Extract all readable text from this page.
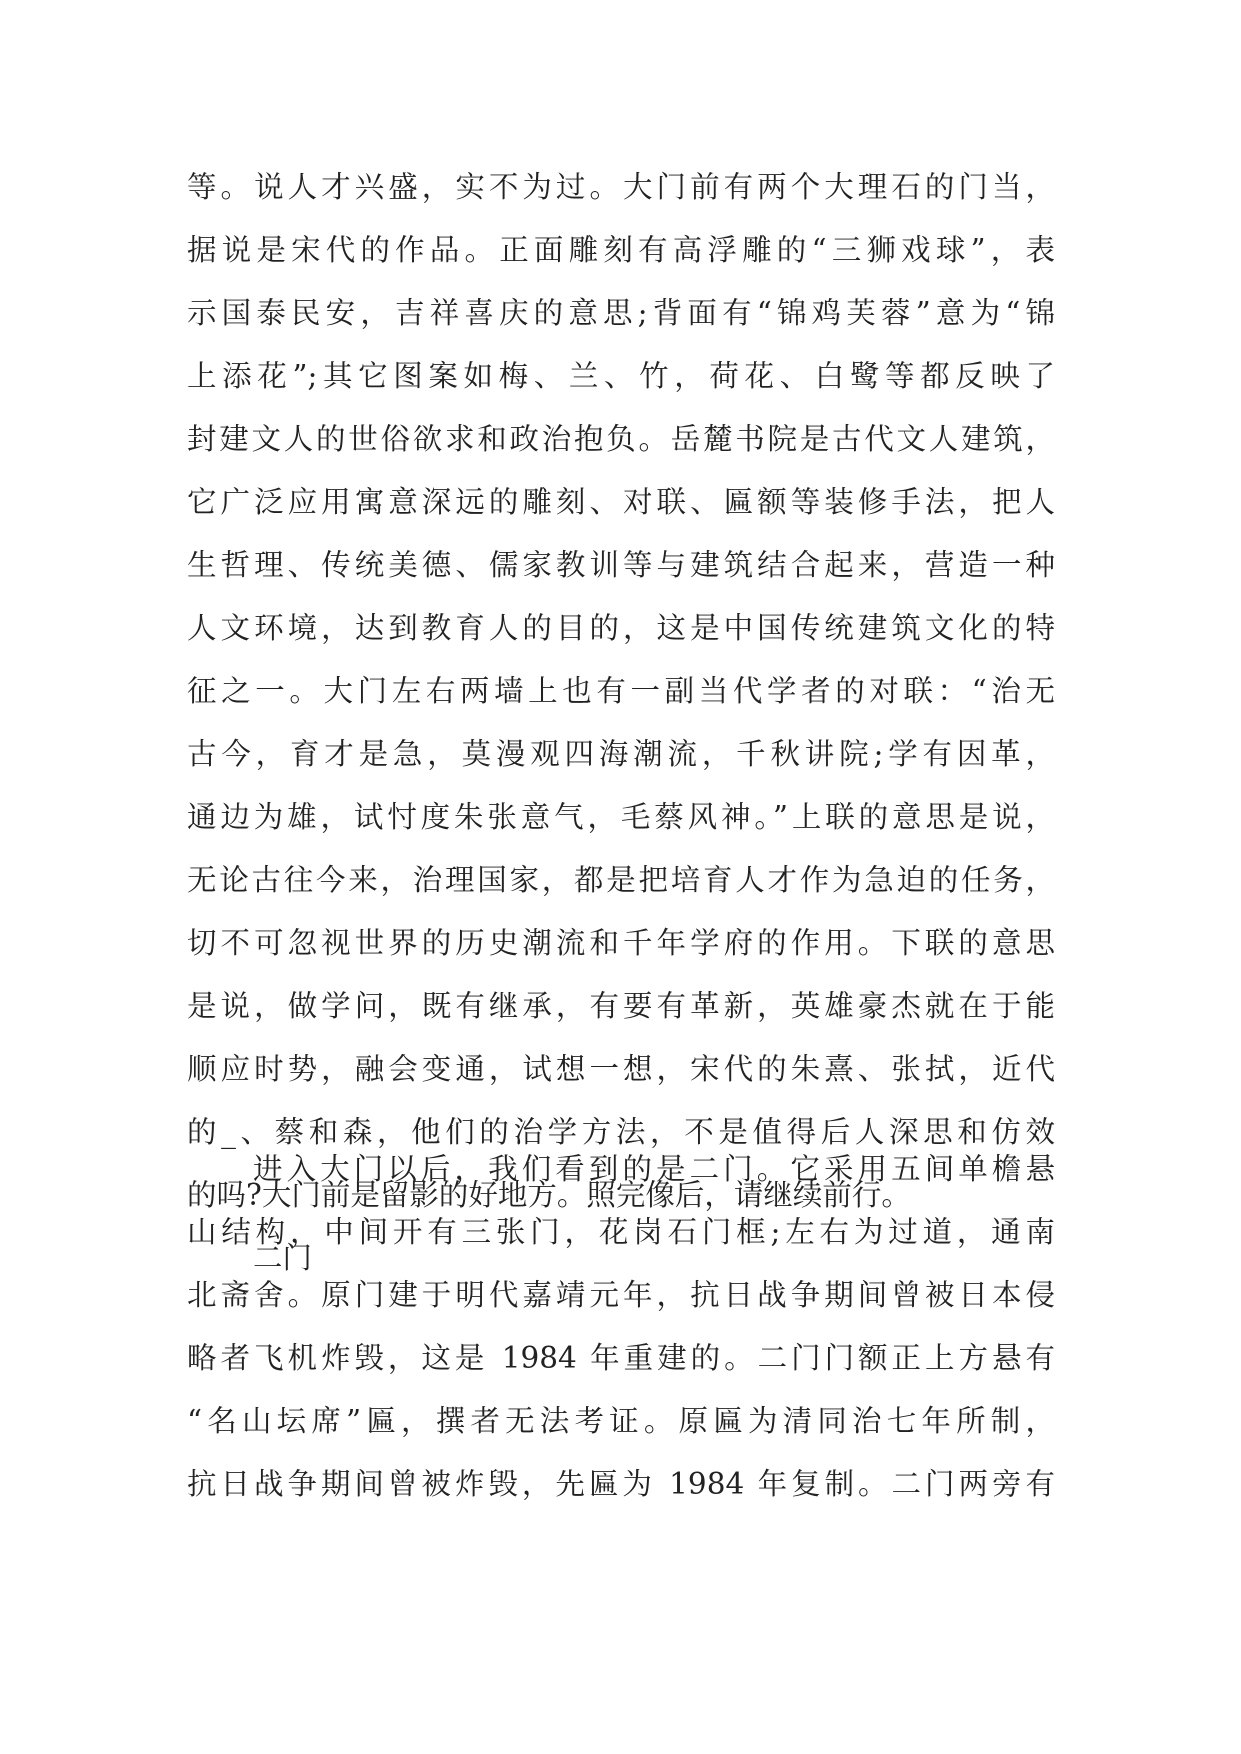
等。说人才兴盛，实不为过。大门前有两个大理石的门当，
据说是宋代的作品。正面雕刻有高浮雕的“三狮戏球”，表
示国泰民安，吉祥喜庆的意思;背面有“锦鸡芙蓉”意为“锦
上添花”;其它图案如梅、兰、竹，荷花、白鹭等都反映了
封建文人的世俗欲求和政治抱负。岳麓书院是古代文人建筑，
它广泛应用寓意深远的雕刻、对联、匾额等装修手法，把人
生哲理、传统美德、儒家教训等与建筑结合起来，营造一种
人文环境，达到教育人的目的，这是中国传统建筑文化的特
征之一。大门左右两墙上也有一副当代学者的对联：“治无
古今，育才是急，莫漫观四海潮流，千秋讲院;学有因革，
通边为雄，试忖度朱张意气，毛蔡风神。”上联的意思是说，
无论古往今来，治理国家，都是把培育人才作为急迫的任务，
切不可忽视世界的历史潮流和千年学府的作用。下联的意思
是说，做学问，既有继承，有要有革新，英雄豪杰就在于能
顺应时势，融会变通，试想一想，宋代的朱熹、张拭，近代
的_、蔡和森，他们的治学方法，不是值得后人深思和仿效
的吗?大门前是留影的好地方。照完像后，请继续前行。
二门
进入大门以后，我们看到的是二门。它采用五间单檐悬
山结构，中间开有三张门，花岗石门框;左右为过道，通南
北斋舍。原门建于明代嘉靖元年，抗日战争期间曾被日本侵
略者飞机炸毁，这是 1984 年重建的。二门门额正上方悬有
“名山坛席”匾，撰者无法考证。原匾为清同治七年所制，
抗日战争期间曾被炸毁，先匾为 1984 年复制。二门两旁有
